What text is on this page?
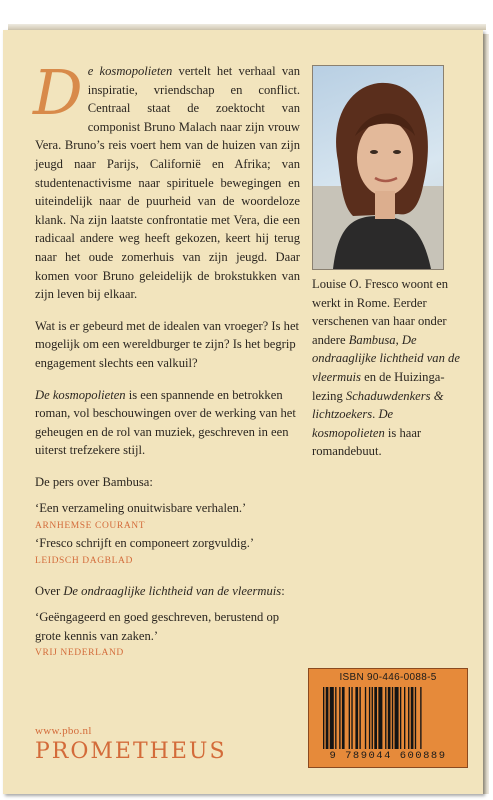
De kosmopolieten vertelt het verhaal van inspiratie, vriendschap en conflict. Centraal staat de zoektocht van componist Bruno Malach naar zijn vrouw Vera. Bruno’s reis voert hem van de huizen van zijn jeugd naar Parijs, Californië en Afrika; van studentenactivisme naar spirituele bewegingen en uiteindelijk naar de puurheid van de woordeloze klank. Na zijn laatste confrontatie met Vera, die een radicaal andere weg heeft gekozen, keert hij terug naar het oude zomerhuis van zijn jeugd. Daar komen voor Bruno geleidelijk de brokstukken van zijn leven bij elkaar.

Wat is er gebeurd met de idealen van vroeger? Is het mogelijk om een wereldburger te zijn? Is het begrip engagement slechts een valkuil?

De kosmopolieten is een spannende en betrokken roman, vol beschouwingen over de werking van het geheugen en de rol van muziek, geschreven in een uiterst trefzekere stijl.

De pers over Bambusa:

‘Een verzameling onuitwisbare verhalen.’

ARNHEMSE COURANT

‘Fresco schrijft en componeert zorgvuldig.’

LEIDSCH DAGBLAD

Over De ondraaglijke lichtheid van de vleermuis:

‘Geëngageerd en goed geschreven, berustend op grote kennis van zaken.’

VRIJ NEDERLAND

Louise O. Fresco woont en werkt in Rome. Eerder verschenen van haar onder andere Bambusa, De ondraaglijke lichtheid van de vleermuis en de Huizinga-lezing Schaduwdenkers & lichtzoekers. De kosmopolieten is haar romandebuut.

ISBN 90-446-0088-5
9 789044 600889

www.pbo.nl

PROMETHEUS
